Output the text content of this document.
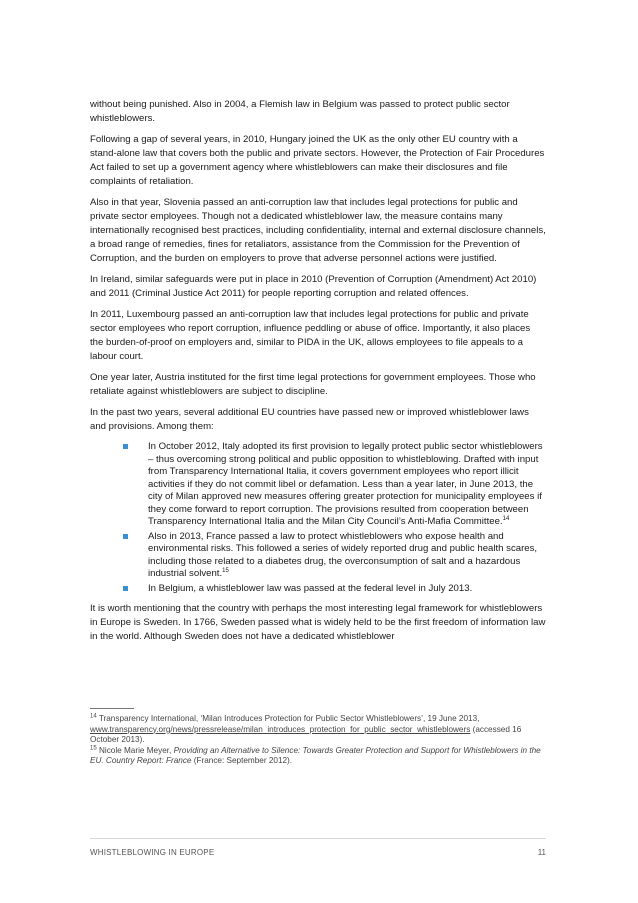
without being punished. Also in 2004, a Flemish law in Belgium was passed to protect public sector whistleblowers.

Following a gap of several years, in 2010, Hungary joined the UK as the only other EU country with a stand-alone law that covers both the public and private sectors. However, the Protection of Fair Procedures Act failed to set up a government agency where whistleblowers can make their disclosures and file complaints of retaliation.

Also in that year, Slovenia passed an anti-corruption law that includes legal protections for public and private sector employees. Though not a dedicated whistleblower law, the measure contains many internationally recognised best practices, including confidentiality, internal and external disclosure channels, a broad range of remedies, fines for retaliators, assistance from the Commission for the Prevention of Corruption, and the burden on employers to prove that adverse personnel actions were justified.

In Ireland, similar safeguards were put in place in 2010 (Prevention of Corruption (Amendment) Act 2010) and 2011 (Criminal Justice Act 2011) for people reporting corruption and related offences.

In 2011, Luxembourg passed an anti-corruption law that includes legal protections for public and private sector employees who report corruption, influence peddling or abuse of office. Importantly, it also places the burden-of-proof on employers and, similar to PIDA in the UK, allows employees to file appeals to a labour court.

One year later, Austria instituted for the first time legal protections for government employees. Those who retaliate against whistleblowers are subject to discipline.

In the past two years, several additional EU countries have passed new or improved whistleblower laws and provisions. Among them:

In October 2012, Italy adopted its first provision to legally protect public sector whistleblowers – thus overcoming strong political and public opposition to whistleblowing. Drafted with input from Transparency International Italia, it covers government employees who report illicit activities if they do not commit libel or defamation. Less than a year later, in June 2013, the city of Milan approved new measures offering greater protection for municipality employees if they come forward to report corruption. The provisions resulted from cooperation between Transparency International Italia and the Milan City Council’s Anti-Mafia Committee.$^{14}$
Also in 2013, France passed a law to protect whistleblowers who expose health and environmental risks. This followed a series of widely reported drug and public health scares, including those related to a diabetes drug, the overconsumption of salt and a hazardous industrial solvent.$^{15}$
In Belgium, a whistleblower law was passed at the federal level in July 2013.

It is worth mentioning that the country with perhaps the most interesting legal framework for whistleblowers in Europe is Sweden. In 1766, Sweden passed what is widely held to be the first freedom of information law in the world. Although Sweden does not have a dedicated whistleblower

$^{14}$ Transparency International, ‘Milan Introduces Protection for Public Sector Whistleblowers’, 19 June 2013, www.transparency.org/news/pressrelease/milan_introduces_protection_for_public_sector_whistleblowers (accessed 16 October 2013).

$^{15}$ Nicole Marie Meyer, Providing an Alternative to Silence: Towards Greater Protection and Support for Whistleblowers in the EU. Country Report: France (France: September 2012).

WHISTLEBLOWING IN EUROPE	11
